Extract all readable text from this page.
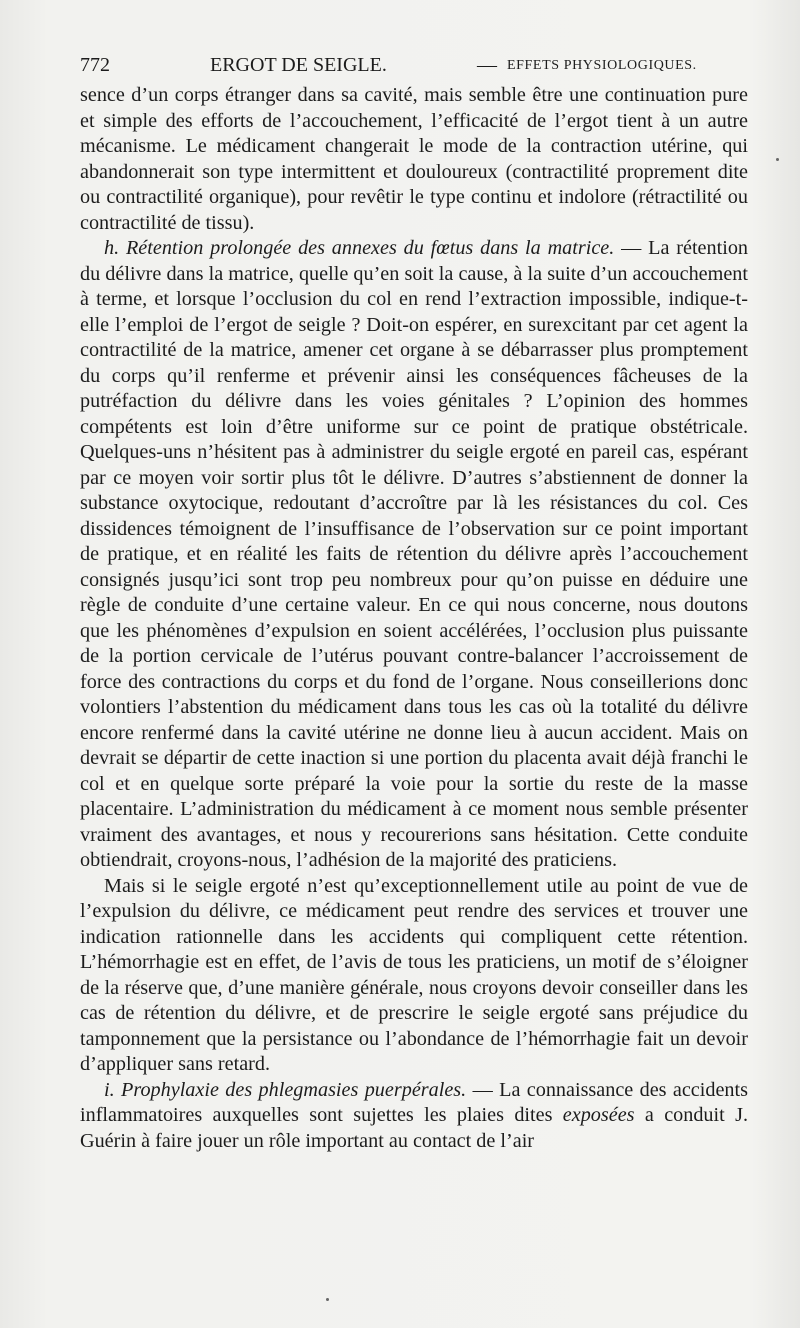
772	ERGOT DE SEIGLE.	— EFFETS PHYSIOLOGIQUES.

sence d’un corps étranger dans sa cavité, mais semble être une continuation pure et simple des efforts de l’accouchement, l’efficacité de l’ergot tient à un autre mécanisme. Le médicament changerait le mode de la contraction utérine, qui abandonnerait son type intermittent et douloureux (contractilité proprement dite ou contractilité organique), pour revêtir le type continu et indolore (rétractilité ou contractilité de tissu).

h. Rétention prolongée des annexes du fœtus dans la matrice. — La rétention du délivre dans la matrice, quelle qu’en soit la cause, à la suite d’un accouchement à terme, et lorsque l’occlusion du col en rend l’extraction impossible, indique-t-elle l’emploi de l’ergot de seigle ? Doit-on espérer, en surexcitant par cet agent la contractilité de la matrice, amener cet organe à se débarrasser plus promptement du corps qu’il renferme et prévenir ainsi les conséquences fâcheuses de la putréfaction du délivre dans les voies génitales ? L’opinion des hommes compétents est loin d’être uniforme sur ce point de pratique obstétricale. Quelques-uns n’hésitent pas à administrer du seigle ergoté en pareil cas, espérant par ce moyen voir sortir plus tôt le délivre. D’autres s’abstiennent de donner la substance oxytocique, redoutant d’accroître par là les résistances du col. Ces dissidences témoignent de l’insuffisance de l’observation sur ce point important de pratique, et en réalité les faits de rétention du délivre après l’accouchement consignés jusqu’ici sont trop peu nombreux pour qu’on puisse en déduire une règle de conduite d’une certaine valeur. En ce qui nous concerne, nous doutons que les phénomènes d’expulsion en soient accélérées, l’occlusion plus puissante de la portion cervicale de l’utérus pouvant contre-balancer l’accroissement de force des contractions du corps et du fond de l’organe. Nous conseillerions donc volontiers l’abstention du médicament dans tous les cas où la totalité du délivre encore renfermé dans la cavité utérine ne donne lieu à aucun accident. Mais on devrait se départir de cette inaction si une portion du placenta avait déjà franchi le col et en quelque sorte préparé la voie pour la sortie du reste de la masse placentaire. L’administration du médicament à ce moment nous semble présenter vraiment des avantages, et nous y recourerions sans hésitation. Cette conduite obtiendrait, croyons-nous, l’adhésion de la majorité des praticiens.

Mais si le seigle ergoté n’est qu’exceptionnellement utile au point de vue de l’expulsion du délivre, ce médicament peut rendre des services et trouver une indication rationnelle dans les accidents qui compliquent cette rétention. L’hémorrhagie est en effet, de l’avis de tous les praticiens, un motif de s’éloigner de la réserve que, d’une manière générale, nous croyons devoir conseiller dans les cas de rétention du délivre, et de prescrire le seigle ergoté sans préjudice du tamponnement que la persistance ou l’abondance de l’hémorrhagie fait un devoir d’appliquer sans retard.

i. Prophylaxie des phlegmasies puerpérales. — La connaissance des accidents inflammatoires auxquelles sont sujettes les plaies dites exposées a conduit J. Guérin à faire jouer un rôle important au contact de l’air
